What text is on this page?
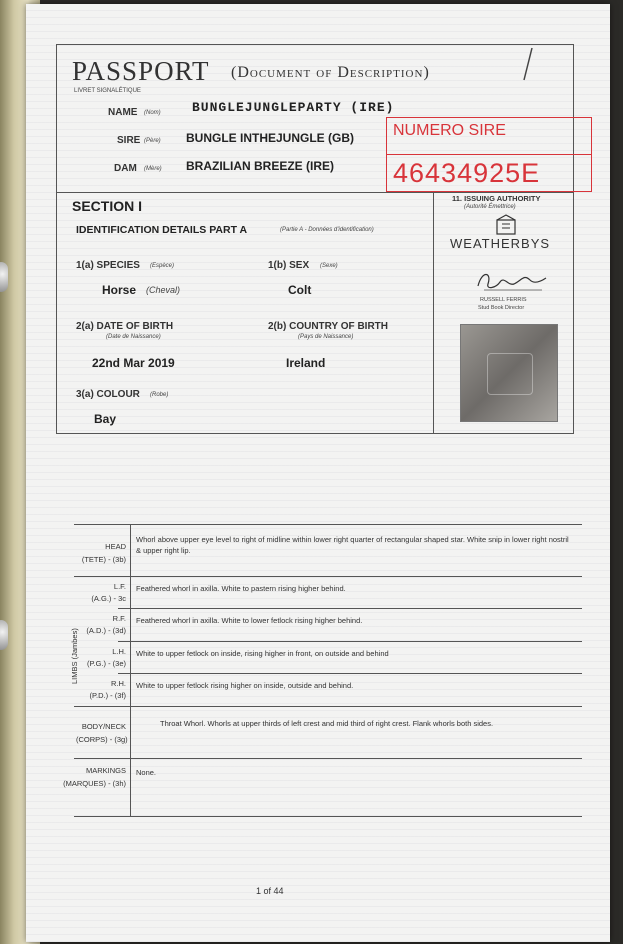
PASSPORT (Document of Description)
LIVRET SIGNALÉTIQUE
NAME (Nom) BUNGLEJUNGLEPARTY (IRE)
SIRE (Père) BUNGLE INTHEJUNGLE (GB)
DAM (Mère) BRAZILIAN BREEZE (IRE)
NUMERO SIRE
46434925E
SECTION I
IDENTIFICATION DETAILS PART A	(Partie A - Données d'identification)
1(a) SPECIES (Espèce)
Horse (Cheval)
1(b) SEX (Sexe)
Colt
2(a) DATE OF BIRTH
(Date de Naissance)
22nd Mar 2019
2(b) COUNTRY OF BIRTH
(Pays de Naissance)
Ireland
3(a) COLOUR (Robe)
Bay
11. ISSUING AUTHORITY
(Autorité Émettrice)
WEATHERBYS
RUSSELL FERRIS
Stud Book Director
LIMBS (Jambes)
HEAD
(TETE) - (3b)
Whorl above upper eye level to right of midline within lower right quarter of rectangular shaped star. White snip in lower right nostril
& upper right lip.
L.F.
(A.G.) - 3c
Feathered whorl in axilla. White to pastern rising higher behind.
R.F.
(A.D.) - (3d)
Feathered whorl in axilla. White to lower fetlock rising higher behind.
L.H.
(P.G.) - (3e)
White to upper fetlock on inside, rising higher in front, on outside and behind
R.H.
(P.D.) - (3f)
White to upper fetlock rising higher on inside, outside and behind.
BODY/NECK
(CORPS) - (3g)
Throat Whorl. Whorls at upper thirds of left crest and mid third of right crest. Flank whorls both sides.
MARKINGS
(MARQUES) - (3h)
None.
1 of 44
